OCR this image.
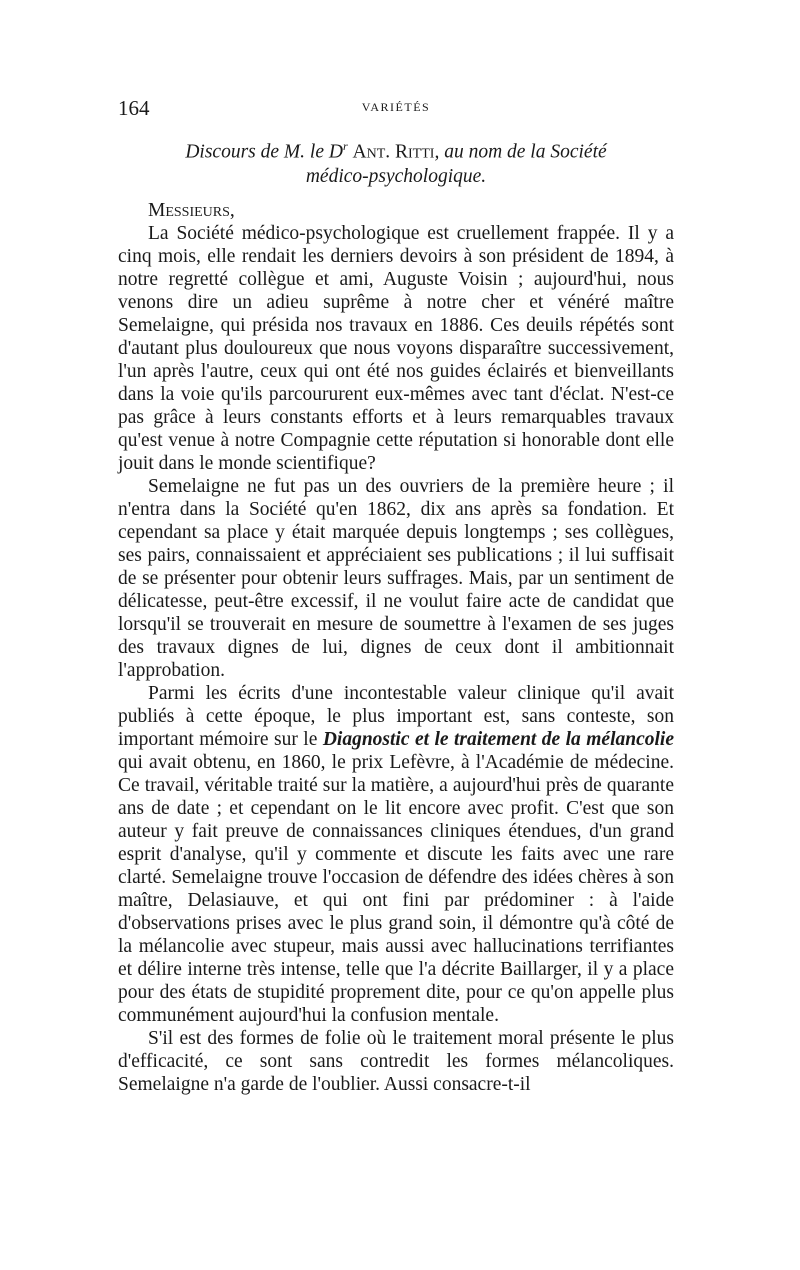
164	VARIÉTÉS
Discours de M. le $D^r$ Ant. Ritti, au nom de la Société
médico-psychologique.

Messieurs,

La Société médico-psychologique est cruellement frappée. Il y a cinq mois, elle rendait les derniers devoirs à son président de 1894, à notre regretté collègue et ami, Auguste Voisin ; aujourd'hui, nous venons dire un adieu suprême à notre cher et vénéré maître Semelaigne, qui présida nos travaux en 1886. Ces deuils répétés sont d'autant plus douloureux que nous voyons disparaître successivement, l'un après l'autre, ceux qui ont été nos guides éclairés et bienveillants dans la voie qu'ils parcoururent eux-mêmes avec tant d'éclat. N'est-ce pas grâce à leurs constants efforts et à leurs remarquables travaux qu'est venue à notre Compagnie cette réputation si honorable dont elle jouit dans le monde scientifique?

Semelaigne ne fut pas un des ouvriers de la première heure ; il n'entra dans la Société qu'en 1862, dix ans après sa fondation. Et cependant sa place y était marquée depuis longtemps ; ses collègues, ses pairs, connaissaient et appréciaient ses publications ; il lui suffisait de se présenter pour obtenir leurs suffrages. Mais, par un sentiment de délicatesse, peut-être excessif, il ne voulut faire acte de candidat que lorsqu'il se trouverait en mesure de soumettre à l'examen de ses juges des travaux dignes de lui, dignes de ceux dont il ambitionnait l'approbation.

Parmi les écrits d'une incontestable valeur clinique qu'il avait publiés à cette époque, le plus important est, sans conteste, son important mémoire sur le Diagnostic et le traitement de la mélancolie qui avait obtenu, en 1860, le prix Lefèvre, à l'Académie de médecine. Ce travail, véritable traité sur la matière, a aujourd'hui près de quarante ans de date ; et cependant on le lit encore avec profit. C'est que son auteur y fait preuve de connaissances cliniques étendues, d'un grand esprit d'analyse, qu'il y commente et discute les faits avec une rare clarté. Semelaigne trouve l'occasion de défendre des idées chères à son maître, Delasiauve, et qui ont fini par prédominer : à l'aide d'observations prises avec le plus grand soin, il démontre qu'à côté de la mélancolie avec stupeur, mais aussi avec hallucinations terrifiantes et délire interne très intense, telle que l'a décrite Baillarger, il y a place pour des états de stupidité proprement dite, pour ce qu'on appelle plus communément aujourd'hui la confusion mentale.

S'il est des formes de folie où le traitement moral présente le plus d'efficacité, ce sont sans contredit les formes mélancoliques. Semelaigne n'a garde de l'oublier. Aussi consacre-t-il
